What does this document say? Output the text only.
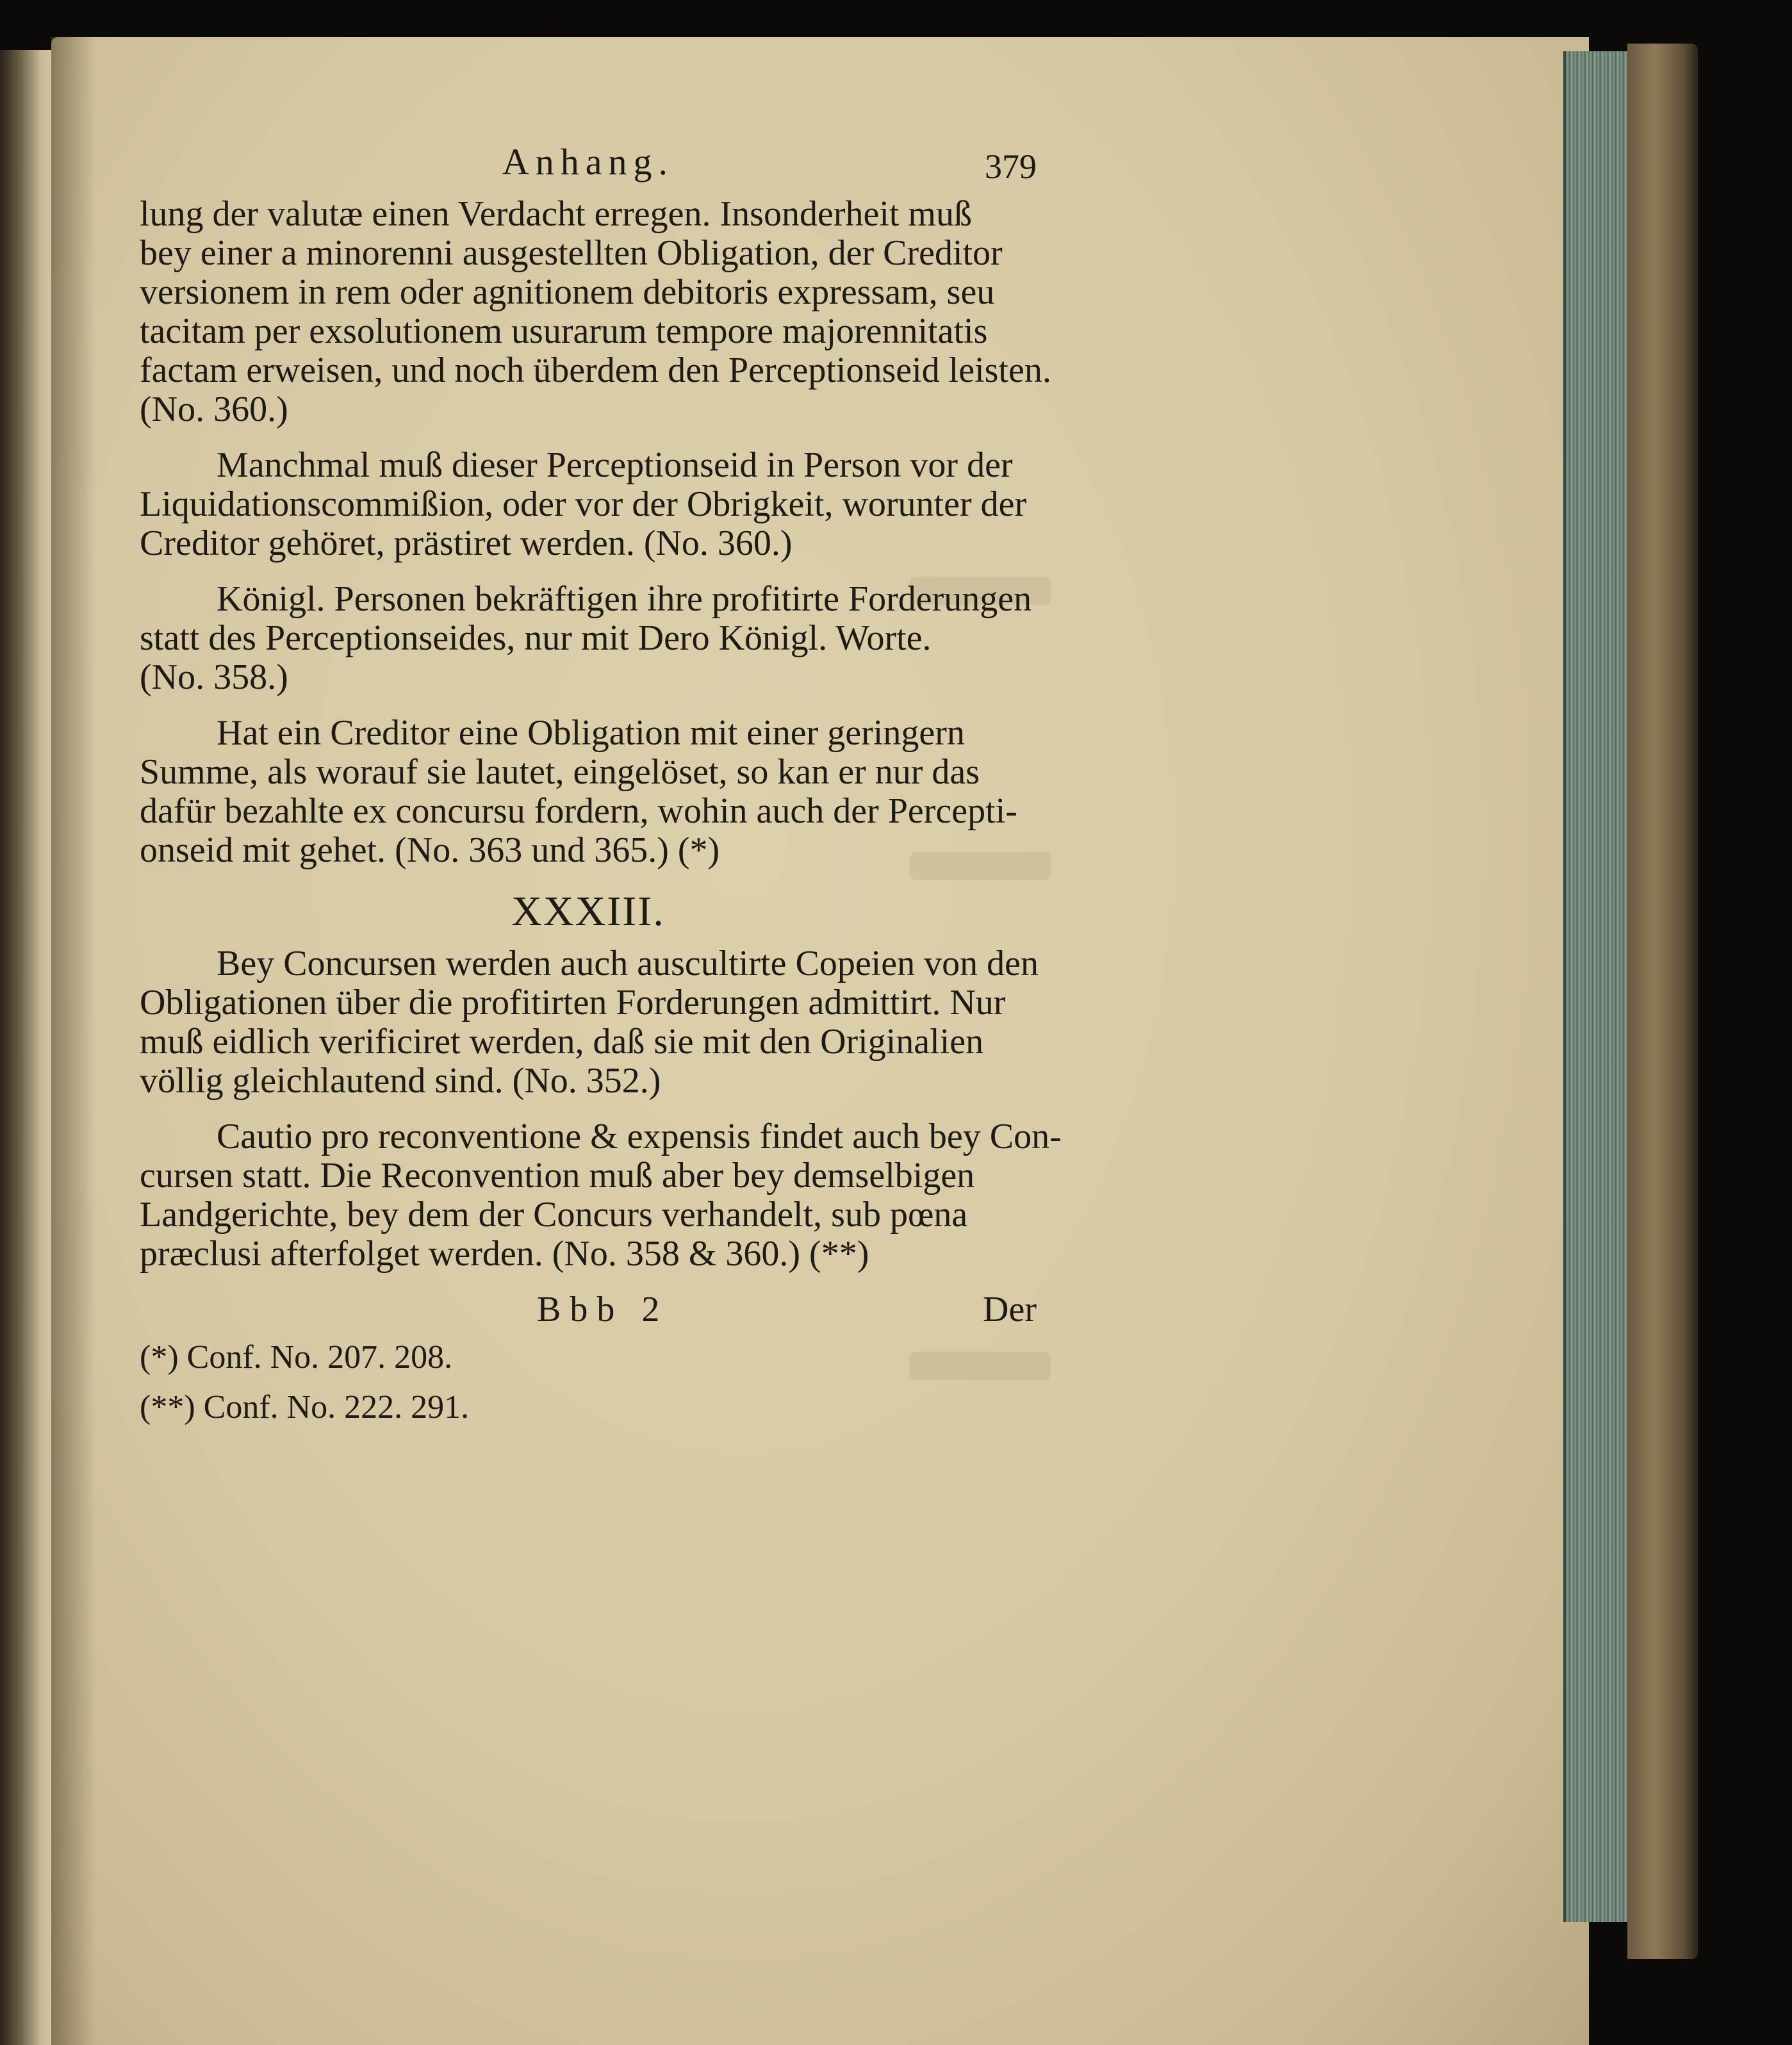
Anhang.	379
lung der valutæ einen Verdacht erregen. Insonderheit muß
bey einer a minorenni ausgestellten Obligation, der Creditor
versionem in rem oder agnitionem debitoris expressam, seu
tacitam per exsolutionem usurarum tempore majorennitatis
factam erweisen, und noch überdem den Perceptionseid leisten.
(No. 360.)
Manchmal muß dieser Perceptionseid in Person vor der
Liquidationscommißion, oder vor der Obrigkeit, worunter der
Creditor gehöret, prästiret werden. (No. 360.)
Königl. Personen bekräftigen ihre profitirte Forderungen
statt des Perceptionseides, nur mit Dero Königl. Worte.
(No. 358.)
Hat ein Creditor eine Obligation mit einer geringern
Summe, als worauf sie lautet, eingelöset, so kan er nur das
dafür bezahlte ex concursu fordern, wohin auch der Percepti-
onseid mit gehet. (No. 363 und 365.) (*)
XXXIII.
Bey Concursen werden auch auscultirte Copeien von den
Obligationen über die profitirten Forderungen admittirt. Nur
muß eidlich verificiret werden, daß sie mit den Originalien
völlig gleichlautend sind. (No. 352.)
Cautio pro reconventione & expensis findet auch bey Con-
cursen statt. Die Reconvention muß aber bey demselbigen
Landgerichte, bey dem der Concurs verhandelt, sub pœna
præclusi afterfolget werden. (No. 358 & 360.) (**)
Bbb 2	Der
(*) Conf. No. 207. 208.
(**) Conf. No. 222. 291.
